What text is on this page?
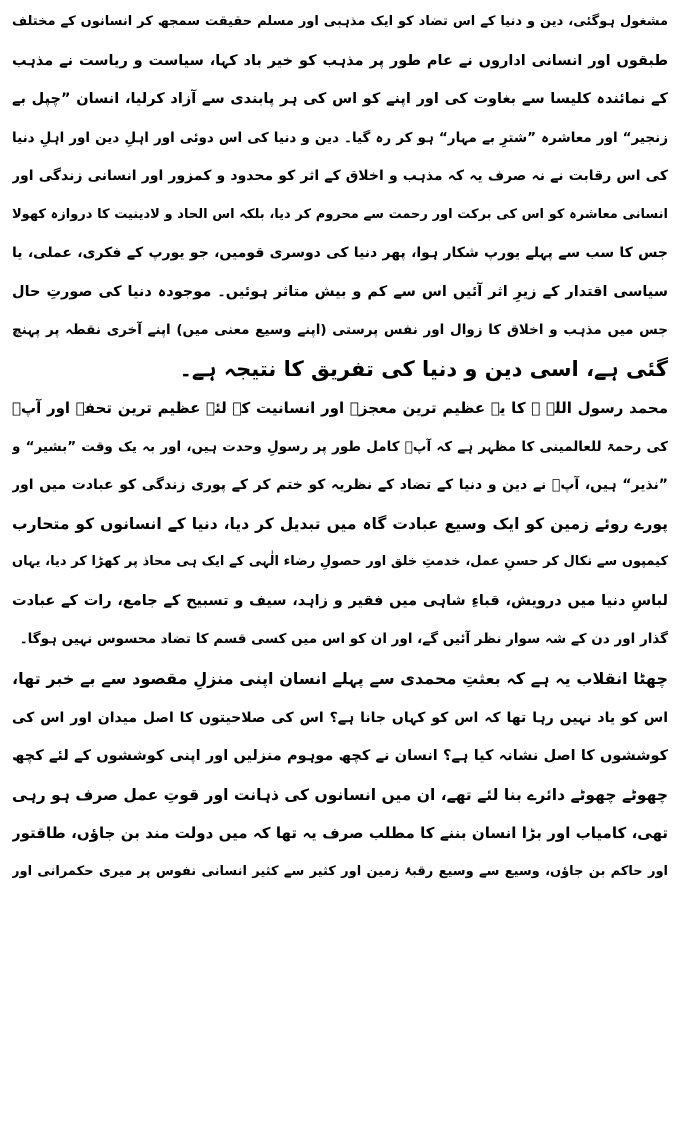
مشغول ہوگئی، دین و دنیا کے اس تضاد کو ایک مذہبی اور مسلم حقیقت سمجھ کر انسانوں کے مختلف
طبقوں اور انسانی اداروں نے عام طور پر مذہب کو خیر باد کہا، سیاست و ریاست نے مذہب
کے نمائندہ کلیسا سے بغاوت کی اور اپنے کو اس کی ہر پابندی سے آزاد کرلیا، انسان ”چپل بے
زنجیر“ اور معاشرہ ”شترِ بے مہار“ ہو کر رہ گیا۔ دین و دنیا کی اس دوئی اور اہلِ دین اور اہلِ دنیا
کی اس رقابت نے نہ صرف یہ کہ مذہب و اخلاق کے اثر کو محدود و کمزور اور انسانی زندگی اور
انسانی معاشرہ کو اس کی برکت اور رحمت سے محروم کر دیا، بلکہ اس الحاد و لادینیت کا دروازہ کھولا
جس کا سب سے پہلے یورپ شکار ہوا، پھر دنیا کی دوسری قومیں، جو یورپ کے فکری، عملی، یا
سیاسی اقتدار کے زیرِ اثر آئیں اس سے کم و بیش متاثر ہوئیں۔ موجودہ دنیا کی صورتِ حال
جس میں مذہب و اخلاق کا زوال اور نفس پرستی (اپنے وسیع معنی میں) اپنے آخری نقطہ پر پہنچ
گئی ہے، اسی دین و دنیا کی تفریق کا نتیجہ ہے۔
محمد رسول اللہ ﷺ کا یہ عظیم ترین معجزہ اور انسانیت کے لئے عظیم ترین تحفہ اور آپؐ
کی رحمۃ للعالمینی کا مظہر ہے کہ آپؐ کامل طور پر رسولِ وحدت ہیں، اور بہ یک وقت ”بشیر“ و
”نذیر“ ہیں، آپؐ نے دین و دنیا کے تضاد کے نظریہ کو ختم کر کے پوری زندگی کو عبادت میں اور
پورے روئے زمین کو ایک وسیع عبادت گاہ میں تبدیل کر دیا، دنیا کے انسانوں کو متحارب
کیمپوں سے نکال کر حسنِ عمل، خدمتِ خلق اور حصولِ رضاء الٰہی کے ایک ہی محاذ پر کھڑا کر دیا، یہاں
لباسِ دنیا میں درویش، قباءِ شاہی میں فقیر و زاہد، سیف و تسبیح کے جامع، رات کے عبادت
گذار اور دن کے شہ سوار نظر آئیں گے، اور ان کو اس میں کسی قسم کا تضاد محسوس نہیں ہوگا۔
چھٹا انقلاب یہ ہے کہ بعثتِ محمدی سے پہلے انسان اپنی منزلِ مقصود سے بے خبر تھا،
اس کو یاد نہیں رہا تھا کہ اس کو کہاں جانا ہے؟ اس کی صلاحیتوں کا اصل میدان اور اس کی
کوششوں کا اصل نشانہ کیا ہے؟ انسان نے کچھ موہوم منزلیں اور اپنی کوششوں کے لئے کچھ
چھوٹے چھوٹے دائرے بنا لئے تھے، ان میں انسانوں کی ذہانت اور قوتِ عمل صرف ہو رہی
تھی، کامیاب اور بڑا انسان بننے کا مطلب صرف یہ تھا کہ میں دولت مند بن جاؤں، طاقتور
اور حاکم بن جاؤں، وسیع سے وسیع رقبۂ زمین اور کثیر سے کثیر انسانی نفوس پر میری حکمرانی اور
